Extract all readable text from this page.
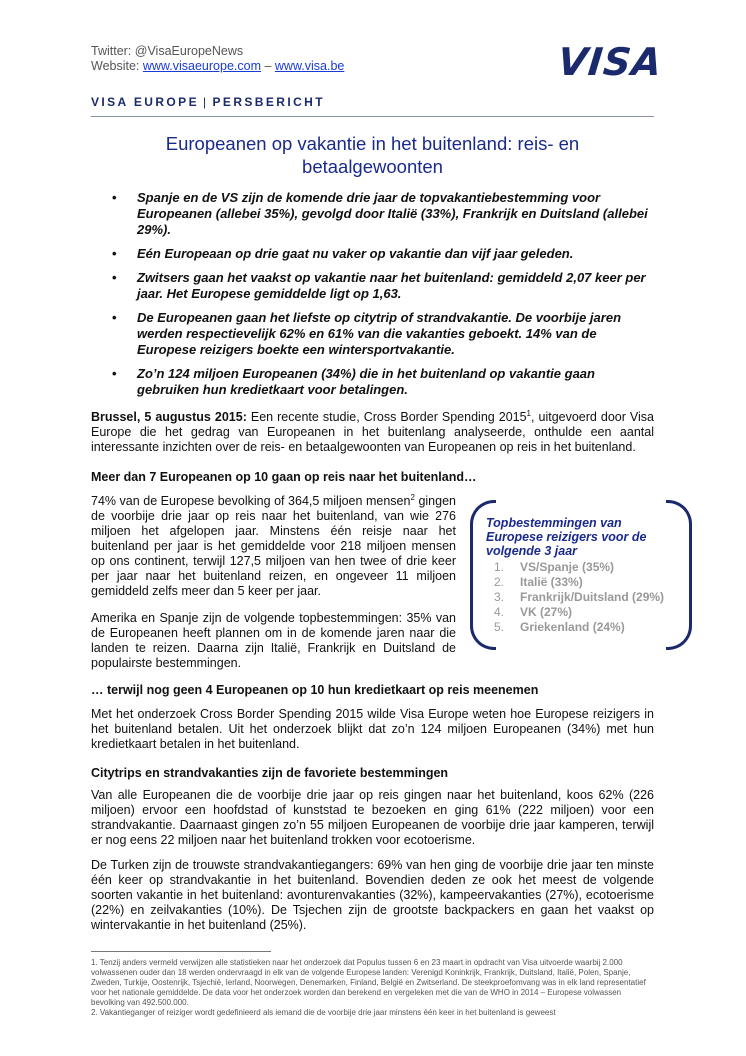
Twitter: @VisaEuropeNews
Website: www.visaeurope.com – www.visa.be	VISA
VISA EUROPE | PERSBERICHT
Europeanen op vakantie in het buitenland: reis- en betaalgewoonten
• Spanje en de VS zijn de komende drie jaar de topvakantiebestemming voor Europeanen (allebei 35%), gevolgd door Italië (33%), Frankrijk en Duitsland (allebei 29%).
• Eén Europeaan op drie gaat nu vaker op vakantie dan vijf jaar geleden.
• Zwitsers gaan het vaakst op vakantie naar het buitenland: gemiddeld 2,07 keer per jaar. Het Europese gemiddelde ligt op 1,63.
• De Europeanen gaan het liefste op citytrip of strandvakantie. De voorbije jaren werden respectievelijk 62% en 61% van die vakanties geboekt. 14% van de Europese reizigers boekte een wintersportvakantie.
• Zo’n 124 miljoen Europeanen (34%) die in het buitenland op vakantie gaan gebruiken hun kredietkaart voor betalingen.
Brussel, 5 augustus 2015: Een recente studie, Cross Border Spending 2015$^1$, uitgevoerd door Visa Europe die het gedrag van Europeanen in het buitenlang analyseerde, onthulde een aantal interessante inzichten over de reis- en betaalgewoonten van Europeanen op reis in het buitenland.
Meer dan 7 Europeanen op 10 gaan op reis naar het buitenland…
74% van de Europese bevolking of 364,5 miljoen mensen$^2$ gingen de voorbije drie jaar op reis naar het buitenland, van wie 276 miljoen het afgelopen jaar. Minstens één reisje naar het buitenland per jaar is het gemiddelde voor 218 miljoen mensen op ons continent, terwijl 127,5 miljoen van hen twee of drie keer per jaar naar het buitenland reizen, en ongeveer 11 miljoen gemiddeld zelfs meer dan 5 keer per jaar.
Amerika en Spanje zijn de volgende topbestemmingen: 35% van de Europeanen heeft plannen om in de komende jaren naar die landen te reizen. Daarna zijn Italië, Frankrijk en Duitsland de populairste bestemmingen.
Topbestemmingen van Europese reizigers voor de volgende 3 jaar
1. VS/Spanje (35%)
2. Italië (33%)
3. Frankrijk/Duitsland (29%)
4. VK (27%)
5. Griekenland (24%)
… terwijl nog geen 4 Europeanen op 10 hun kredietkaart op reis meenemen
Met het onderzoek Cross Border Spending 2015 wilde Visa Europe weten hoe Europese reizigers in het buitenland betalen. Uit het onderzoek blijkt dat zo’n 124 miljoen Europeanen (34%) met hun kredietkaart betalen in het buitenland.
Citytrips en strandvakanties zijn de favoriete bestemmingen
Van alle Europeanen die de voorbije drie jaar op reis gingen naar het buitenland, koos 62% (226 miljoen) ervoor een hoofdstad of kunststad te bezoeken en ging 61% (222 miljoen) voor een strandvakantie. Daarnaast gingen zo’n 55 miljoen Europeanen de voorbije drie jaar kamperen, terwijl er nog eens 22 miljoen naar het buitenland trokken voor ecotoerisme.
De Turken zijn de trouwste strandvakantiegangers: 69% van hen ging de voorbije drie jaar ten minste één keer op strandvakantie in het buitenland. Bovendien deden ze ook het meest de volgende soorten vakantie in het buitenland: avonturenvakanties (32%), kampeervakanties (27%), ecotoerisme (22%) en zeilvakanties (10%). De Tsjechen zijn de grootste backpackers en gaan het vaakst op wintervakantie in het buitenland (25%).
1. Tenzij anders vermeld verwijzen alle statistieken naar het onderzoek dat Populus tussen 6 en 23 maart in opdracht van Visa uitvoerde waarbij 2.000 volwassenen ouder dan 18 werden ondervraagd in elk van de volgende Europese landen: Verenigd Koninkrijk, Frankrijk, Duitsland, Italië, Polen, Spanje, Zweden, Turkije, Oostenrijk, Tsjechië, Ierland, Noorwegen, Denemarken, Finland, België en Zwitserland. De steekproefomvang was in elk land representatief voor het nationale gemiddelde. De data voor het onderzoek worden dan berekend en vergeleken met die van de WHO in 2014 – Europese volwassen bevolking van 492.500.000.
2. Vakantieganger of reiziger wordt gedefinieerd als iemand die de voorbije drie jaar minstens één keer in het buitenland is geweest
